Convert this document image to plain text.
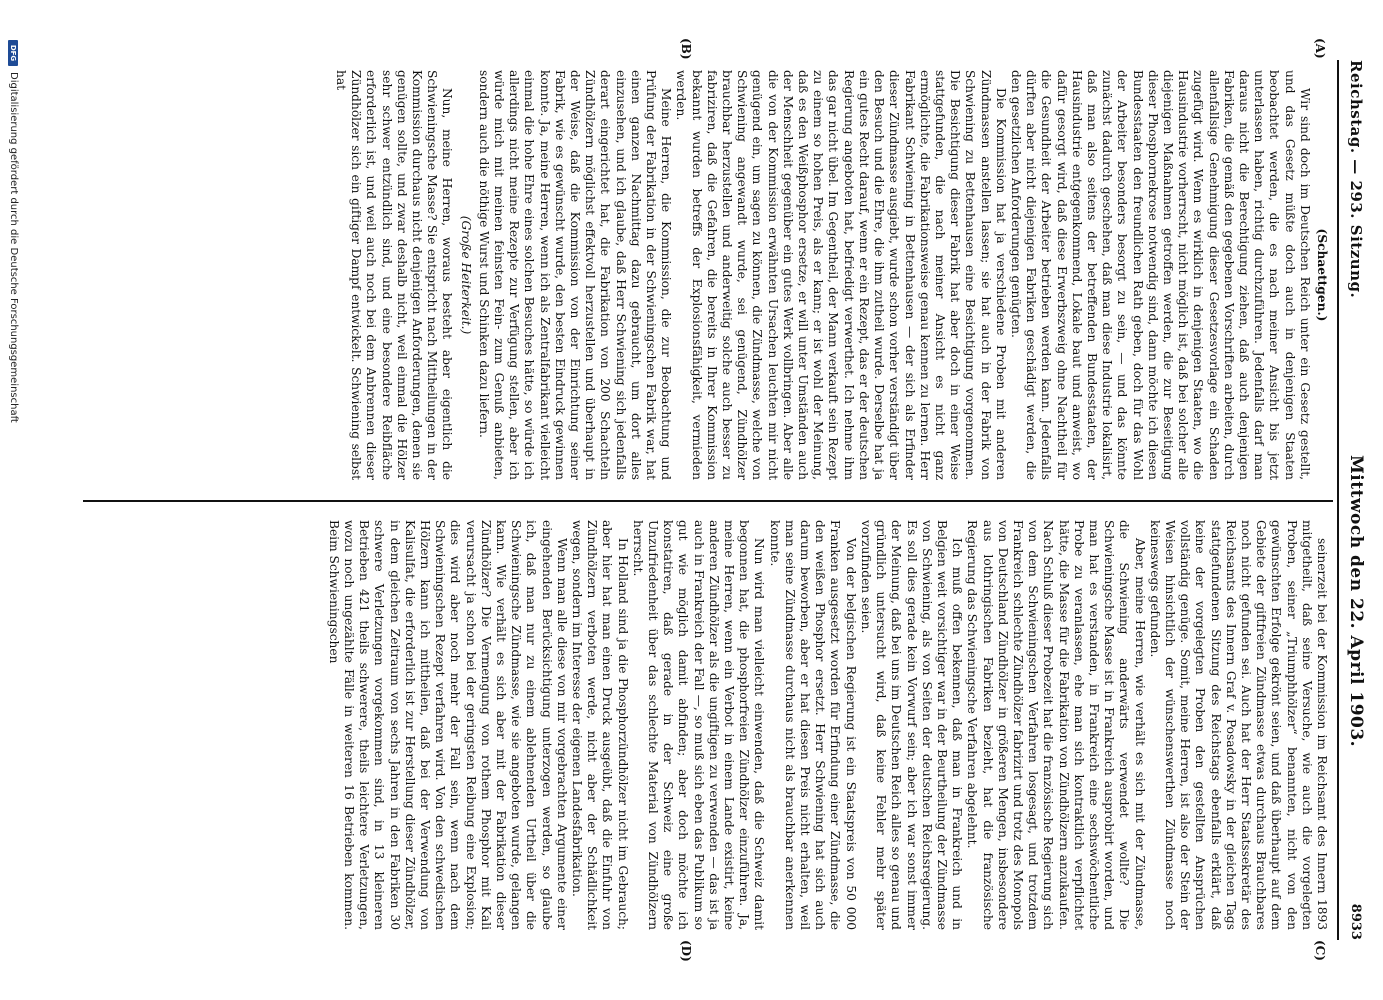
Reichstag. — 293. Sitzung.
Mittwoch den 22. April 1903.
8933
(A)
(B)
(C)
(D)
(Schaettgen.)

Wir sind doch im Deutschen Reich unter ein Gesetz gestellt, und das Gesetz müßte doch auch in denjenigen Staaten beobachtet werden, die es nach meiner Ansicht bis jetzt unterlassen haben, richtig durchzuführen. Jedenfalls darf man daraus nicht die Berechtigung ziehen, daß auch denjenigen Fabriken, die gemäß den gegebenen Vorschriften arbeiten, durch allenfallsige Genehmigung dieser Gesetzesvorlage ein Schaden zugefügt wird. Wenn es wirklich in denjenigen Staaten, wo die Hausindustrie vorherrscht, nicht möglich ist, daß bei solcher alle diejenigen Maßnahmen getroffen werden, die zur Beseitigung dieser Phosphornekrose notwendig sind, dann möchte ich diesen Bundesstaaten den freundlichen Rath geben, doch für das Wohl der Arbeiter besonders besorgt zu sein, — und das könnte zunächst dadurch geschehen, daß man diese Industrie lokalisirt, daß man also seitens der betreffenden Bundesstaaten, der Hausindustrie entgegenkommend, Lokale baut und anweist, wo dafür gesorgt wird, daß diese Erwerbszweig ohne Nachtheil für die Gesundheit der Arbeiter betrieben werden kann. Jedenfalls dürften aber nicht diejenigen Fabriken geschädigt werden, die den gesetzlichen Anforderungen genügten.

Die Kommission hat ja verschiedene Proben mit anderen Zündmassen anstellen lassen; sie hat auch in der Fabrik von Schwiening zu Bettenhausen eine Besichtigung vorgenommen. Die Besichtigung dieser Fabrik hat aber doch in einer Weise stattgefunden, die nach meiner Ansicht es nicht ganz ermöglichte, die Fabrikationsweise genau kennen zu lernen. Herr Fabrikant Schwiening in Bettenhausen — der sich als Erfinder dieser Zündmasse ausgiebt, wurde schon vorher verständigt über den Besuch und die Ehre, die ihm zutheil wurde. Derselbe hat ja ein gutes Recht darauf, wenn er ein Rezept, das er der deutschen Regierung angeboten hat, befriedigt verwerthet. Ich nehme ihm das gar nicht übel. Im Gegentheil, der Mann verkauft sein Rezept zu einem so hohen Preis, als er kann; er ist wohl der Meinung, daß es den Weißphosphor ersetze, er will unter Umständen auch der Menschheit gegenüber ein gutes Werk vollbringen. Aber alle die von der Kommission erwähnten Ursachen leuchten mir nicht genügend ein, um sagen zu können, die Zündmasse, welche von Schwiening angewandt wurde, sei genügend, Zündhölzer brauchbar herzustellen und anderweitig solche auch besser zu fabriziren, daß die Gefahren, die bereits in Ihrer Kommission bekannt wurden betreffs der Explosionsfähigkeit, vermieden werden.

Meine Herren, die Kommission, die zur Beobachtung und Prüfung der Fabrikation in der Schwieningschen Fabrik war, hat einen ganzen Nachmittag dazu gebraucht, um dort alles einzusehen, und ich glaube, daß Herr Schwiening sich jedenfalls derart eingerichtet hat, die Fabrikation von 200 Schachteln Zündhölzern möglichst effektvoll herzustellen und überhaupt in der Weise, daß die Kommission von der Einrichtung seiner Fabrik, wie es gewünscht wurde, den besten Eindruck gewinnen konnte. Ja, meine Herren, wenn ich als Zentralfabrikant vielleicht einmal die hohe Ehre eines solchen Besuches hätte, so würde ich allerdings nicht meine Rezepte zur Verfügung stellen, aber ich würde mich mit meinen feinsten Fein- zum Genuß anbieten, sondern auch die nöthige Wurst und Schinken dazu liefern.

(Große Heiterkeit.)

Nun, meine Herren, woraus besteht aber eigentlich die Schwieningsche Masse? Sie entspricht nach Mittheilungen in der Kommission durchaus nicht denjenigen Anforderungen, denen sie genügen sollte, und zwar deshalb nicht, weil einmal die Hölzer sehr schwer entzündlich sind, und eine besondere Reibfläche erforderlich ist, und weil auch noch bei dem Anbrennen dieser Zündhölzer sich ein giftiger Dampf entwickelt. Schwiening selbst hat

seinerzeit bei der Kommission im Reichsamt des Innern 1893 mitgetheilt, daß seine Versuche, wie auch die vorgelegten Proben, seiner „Triumphhölzer“ benannten, nicht von den gewünschten Erfolge gekrönt seien, und daß überhaupt auf dem Gebiete der giftfreien Zündmasse etwas durchaus Brauchbares noch nicht gefunden sei. Auch hat der Herr Staatssekretär des Reichsamts des Innern Graf v. Posadowsky in der gleichen Tags stattgefundenen Sitzung des Reichstags ebenfalls erklärt, daß keine der vorgelegten Proben den gestellten Ansprüchen vollständig genüge. Somit, meine Herren, ist also der Stein der Weisen hinsichtlich der wünschenswerthen Zündmasse noch keineswegs gefunden.

Aber, meine Herren, wie verhält es sich mit der Zündmasse, die Schwiening anderwärts verwendet wollte? Die Schwieningsche Masse ist in Frankreich ausprobirt worden, und man hat es verstanden, in Frankreich eine sechswöchentliche Probe zu veranlassen, ehe man sich kontraktlich verpflichtet hätte, die Masse für die Fabrikation von Zündhölzern anzukaufen. Nach Schluß dieser Probezeit hat die französische Regierung sich von dem Schwieningschen Verfahren losgesagt, und trotzdem Frankreich schlechte Zündhölzer fabrizirt und trotz des Monopols von Deutschland Zündhölzer in größeren Mengen, insbesondere aus lothringischen Fabriken bezieht, hat die französische Regierung das Schwieningsche Verfahren abgelehnt.

Ich muß offen bekennen, daß man in Frankreich und in Belgien weit vorsichtiger war in der Beurtheilung der Zündmasse von Schwiening, als von Seiten der deutschen Reichsregierung. Es soll dies gerade kein Vorwurf sein; aber ich war sonst immer der Meinung, daß bei uns im Deutschen Reich alles so genau und gründlich untersucht wird, daß keine Fehler mehr später vorzufinden seien.

Von der belgischen Regierung ist ein Staatspreis von 50 000 Franken ausgesetzt worden für Erfindung einer Zündmasse, die den weißen Phosphor ersetzt. Herr Schwiening hat sich auch darum beworben, aber er hat diesen Preis nicht erhalten, weil man seine Zündmasse durchaus nicht als brauchbar anerkennen konnte.

Nun wird man vielleicht einwenden, daß die Schweiz damit begonnen hat, die phosphorfreien Zündhölzer einzuführen. Ja, meine Herren, wenn ein Verbot in einem Lande existirt, keine anderen Zündhölzer als die ungiftigen zu verwenden — das ist ja auch in Frankreich der Fall —, so muß sich eben das Publikum so gut wie möglich damit abfinden; aber doch möchte ich konstatiren, daß gerade in der Schweiz eine große Unzufriedenheit über das schlechte Material von Zündhölzern herrscht.

In Holland sind ja die Phosphorzündhölzer nicht im Gebrauch; aber hier hat man einen Druck ausgeübt, daß die Einfuhr von Zündhölzern verboten werde, nicht aber der Schädlichkeit wegen, sondern im Interesse der eigenen Landesfabrikation.

Wenn man alle diese von mir vorgebrachten Argumente einer eingehenden Berücksichtigung unterzogen werden, so glaube ich, daß man nur zu einem ablehnenden Urtheil über die Schwieningsche Zündmasse, wie sie angeboten wurde, gelangen kann. Wie verhält es sich aber mit der Fabrikation dieser Zündhölzer? Die Vermengung von rothem Phosphor mit Kali verursacht ja schon bei der geringsten Reibung eine Explosion; dies wird aber noch mehr der Fall sein, wenn nach dem Schwieningschen Rezept verfahren wird. Von den schwedischen Hölzern kann ich mittheilen, daß bei der Verwendung von Kalisulfat, die erforderlich ist zur Herstellung dieser Zündhölzer, in dem gleichen Zeitraum von sechs Jahren in den Fabriken 30 schwere Verletzungen vorgekommen sind, in 13 kleineren Betrieben 421 theils schwerere, theils leichtere Verletzungen, wozu noch ungezählte Fälle in weiteren 16 Betrieben kommen. Beim Schwieningschen

DFG
Digitalisierung gefördert durch die Deutsche Forschungsgemeinschaft
